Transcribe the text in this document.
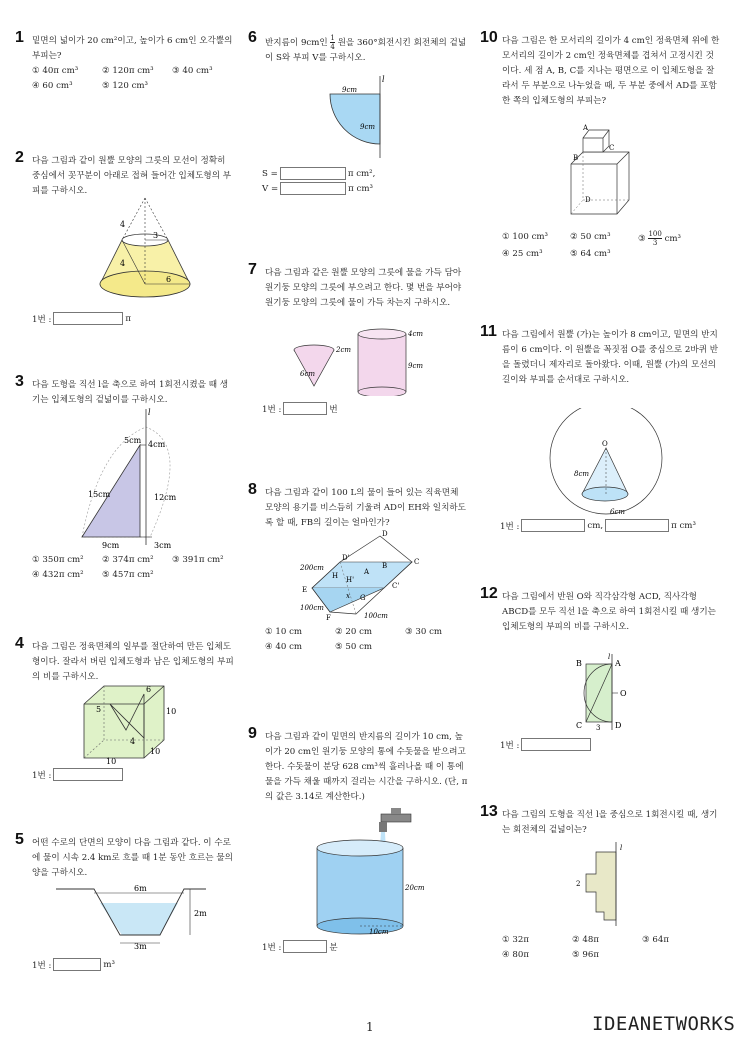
1 밑면의 넓이가 20 cm²이고, 높이가 6 cm인 오각뿔의 부피는?
① 40π cm³	② 120π cm³	③ 40 cm³
④ 60 cm³	⑤ 120 cm³
2 다음 그림과 같이 원뿔 모양의 그릇의 모선이 정확히 중심에서 꼿꾸분이 아래로 접혀 들어간 입체도형의 부피를 구하시오.
4
3
4
6
1번 :	π
3 다음 도형을 직선 l을 축으로 하여 1회전시켰을 때 생기는 입체도형의 겉넓이를 구하시오.
l
5cm 4cm
15cm	12cm
9cm	3cm
① 350π cm²	② 374π cm²	③ 391π cm²
④ 432π cm²	⑤ 457π cm²
4 다음 그림은 정육면체의 일부를 절단하여 만든 입체도형이다. 잘라서 버린 입체도형과 남은 입체도형의 부피의 비를 구하시오.
5
6
10
4
10
10
1번 :
5 어떤 수로의 단면의 모양이 다음 그림과 같다. 이 수로에 물이 시속 2.4 km로 흐를 때 1분 동안 흐르는 물의 양을 구하시오.
6m
2m
3m
1번 :	m³
6 반지름이 9cm인 $\frac{1}{4}$ 원을 360°회전시킨 회전체의 겉넓이 S와 부피 V를 구하시오.
l
9cm
9cm
S =	π cm²,
V =	π cm³
7 다음 그림과 같은 원뿔 모양의 그릇에 물을 가득 담아 원기둥 모양의 그릇에 부으려고 한다. 몇 번을 부어야 원기둥 모양의 그릇에 물이 가득 차는지 구하시오.
2cm
6cm
4cm
9cm
1번 :	번
8 다음 그림과 같이 100 L의 물이 들어 있는 직육면체 모양의 용기를 비스듬히 기울려 AD이 EH와 일치하도록 할 때, FB의 길이는 얼마인가?
A
B	C
D
D'
C'
E
F
G
H H'
200cm
100cm
100cm
x
① 10 cm	② 20 cm	③ 30 cm
④ 40 cm	⑤ 50 cm
9 다음 그림과 같이 밑면의 반지름의 길이가 10 cm, 높이가 20 cm인 원기둥 모양의 통에 수돗물을 받으려고 한다. 수돗물이 분당 628 cm³씩 흘러나올 때 이 통에 물을 가득 채울 때까지 걸리는 시간을 구하시오. (단, π의 값은 3.14로 계산한다.)
20cm
10cm
1번 :	분
10 다음 그림은 한 모서리의 길이가 4 cm인 정육면체 위에 한 모서리의 길이가 2 cm인 정육면체를 겹쳐서 고정시킨 것이다. 세 점 A, B, C를 지나는 평면으로 이 입체도형을 잘라서 두 부분으로 나누었을 때, 두 부분 중에서 AD를 포함한 쪽의 입체도형의 부피는?
A
B
C
D
① 100 cm³	② 50 cm³	③ $\frac{100}{3} cm^3$
④ 25 cm³	⑤ 64 cm³
11 다음 그림에서 원뿔 (가)는 높이가 8 cm이고, 밑면의 반지름이 6 cm이다. 이 원뿔을 꼭짓점 O를 중심으로 2바퀴 반을 돌렸더니 제자리로 돌아왔다. 이때, 원뿔 (가)의 모선의 길이와 부피를 순서대로 구하시오.
O
8cm
6cm
1번 :	cm,	π cm³
12 다음 그림에서 반원 O와 직각삼각형 ACD, 직사각형 ABCD를 모두 직선 l을 축으로 하여 1회전시킬 때 생기는 입체도형의 부피의 비를 구하시오.
l
B	A
O
C	D
3
1번 :
13 다음 그림의 도형을 직선 l을 중심으로 1회전시킬 때, 생기는 회전체의 겉넓이는?
l
2
① 32π	② 48π	③ 64π
④ 80π	⑤ 96π
1	IDEANETWORKS
